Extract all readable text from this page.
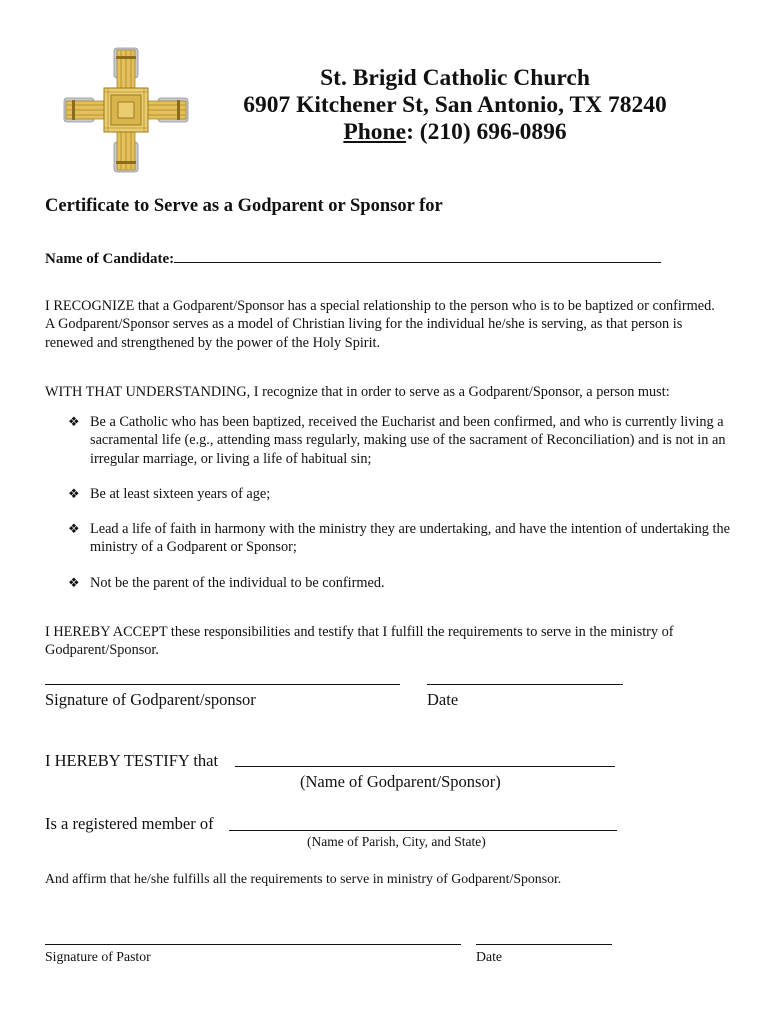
St. Brigid Catholic Church
6907 Kitchener St, San Antonio, TX 78240
Phone: (210) 696-0896
Certificate to Serve as a Godparent or Sponsor for
Name of Candidate:
I RECOGNIZE that a Godparent/Sponsor has a special relationship to the person who is to be baptized or confirmed. A Godparent/Sponsor serves as a model of Christian living for the individual he/she is serving, as that person is renewed and strengthened by the power of the Holy Spirit.
WITH THAT UNDERSTANDING, I recognize that in order to serve as a Godparent/Sponsor, a person must:
❖ Be a Catholic who has been baptized, received the Eucharist and been confirmed, and who is currently living a sacramental life (e.g., attending mass regularly, making use of the sacrament of Reconciliation) and is not in an irregular marriage, or living a life of habitual sin;
❖ Be at least sixteen years of age;
❖ Lead a life of faith in harmony with the ministry they are undertaking, and have the intention of undertaking the ministry of a Godparent or Sponsor;
❖ Not be the parent of the individual to be confirmed.
I HEREBY ACCEPT these responsibilities and testify that I fulfill the requirements to serve in the ministry of Godparent/Sponsor.
Signature of Godparent/sponsor	Date
I HEREBY TESTIFY that
(Name of Godparent/Sponsor)
Is a registered member of
(Name of Parish, City, and State)
And affirm that he/she fulfills all the requirements to serve in ministry of Godparent/Sponsor.
Signature of Pastor	Date
